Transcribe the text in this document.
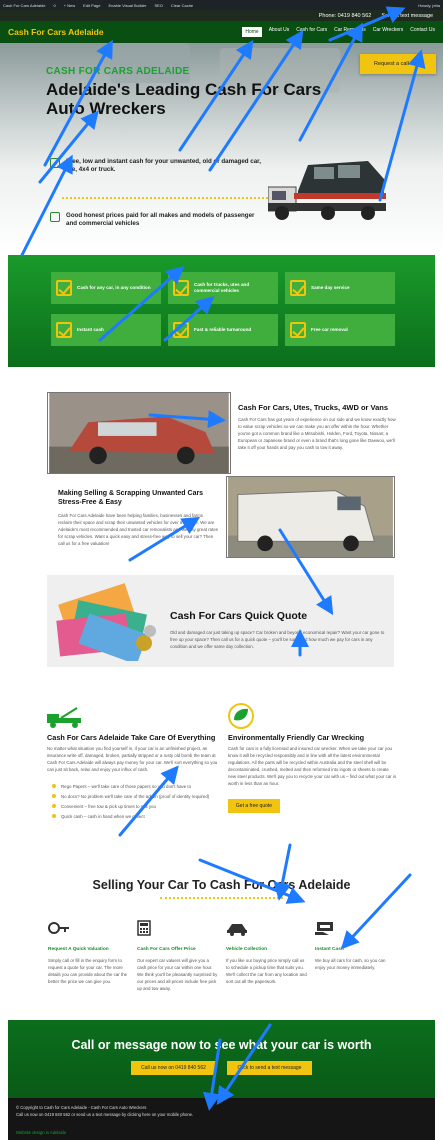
Cash For Cars Adelaide 0 + New Edit Page Enable Visual Builder SEO Clear Cache	Howdy, jetta
Phone: 0419 840 562 Send a text message
Cash For Cars Adelaide	Home	About Us Cash for Cars Car Removals Car Wreckers Contact Us
CASH FOR CARS ADELAIDE
Adelaide's Leading Cash For Cars Auto Wreckers
Request a call back
Free, low and instant cash for your unwanted, old or damaged car, ute, 4x4 or truck.
Good honest prices paid for all makes and models of passenger and commercial vehicles
Cash for any car, in any condition
Cash for trucks, utes and commercial vehicles
Same day service
Instant cash	Fast & reliable turnaround	Free car removal
Cash For Cars, Utes, Trucks, 4WD or Vans
Cash For Cars has got years of experience on our side and we know exactly how to value scrap vehicles so we can make you an offer within the hour. Whether you've got a common brand like a Mitsubishi, Holden, Ford, Toyota, Nissan; a European or Japanese brand or even a brand that's long gone like Daewoo, we'll take it off your hands and pay you cash to tow it away.
Making Selling & Scrapping Unwanted Cars Stress-Free & Easy
Cash For Cars Adelaide have been helping families, businesses and farms reclaim their space and scrap their unwanted vehicles for over a decade. We are Adelaide's most recommended and trusted car removalists and we pay great rates for scrap vehicles. Want a quick easy and stress-free way to sell your car? Then call us for a free valuation!
Cash For Cars Quick Quote
Old and damaged car just taking up space? Car broken and beyond economical repair? Want your car gone to free up your space? Then call us for a quick quote – you'll be surprised how much we pay for cars in any condition and we offer same day collection.
Cash For Cars Adelaide Take Care Of Everything
No matter what situation you find yourself in, if your car is an unfinished project, an insurance write off, damaged, broken, partially stripped or a rusty old bomb the team at Cash For Cars Adelaide will always pay money for your car. We'll sort everything so you can just sit back, relax and enjoy your influx of cash.
Rego Papers – we'll take care of those papers so you don't have to
No docs? No problem we'll take care of the admin (proof of identity required)
Convenient – free tow & pick up times to suit you
Quick cash – cash in hand when we collect
Environmentally Friendly Car Wrecking
Cash for cars is a fully licensed and insured car wrecker. When we take your car you know it will be recycled responsibly and in line with all the latest environmental regulations. All the parts will be recycled within Australia and the steel shell will be decontaminated, crushed, melted and then reformed into ingots or sheets to create new steel products. We'll pay you to recycle your car with us – find out what your car is worth in less than an hour.
Get a free quote
Selling Your Car To Cash For Cars Adelaide
Request A Quick Valuation
Simply call or fill in the enquiry form to request a quote for your car. The more details you can provide about the car the better the price we can give you.
Cash For Cars Offer Price
Our expert car valuers will give you a cash price for your car within one hour. We think you'll be pleasantly surprised by our prices and all prices include free pick up and tow away.
Vehicle Collection
If you like our buying price simply call us to schedule a pickup time that suits you. We'll collect the car from any location and sort out all the paperwork.
Instant Cash
We buy all cars for cash, so you can enjoy your money immediately.
Call or message now to see what your car is worth
Call us now on 0419 840 562	Click to send a text message
© Copyright to Cash for Cars Adelaide - Cash For Cars Auto Wreckers
Call us now on 0419 840 562 or send us a text message by clicking here on your mobile phone.
Website design in Adelaide
